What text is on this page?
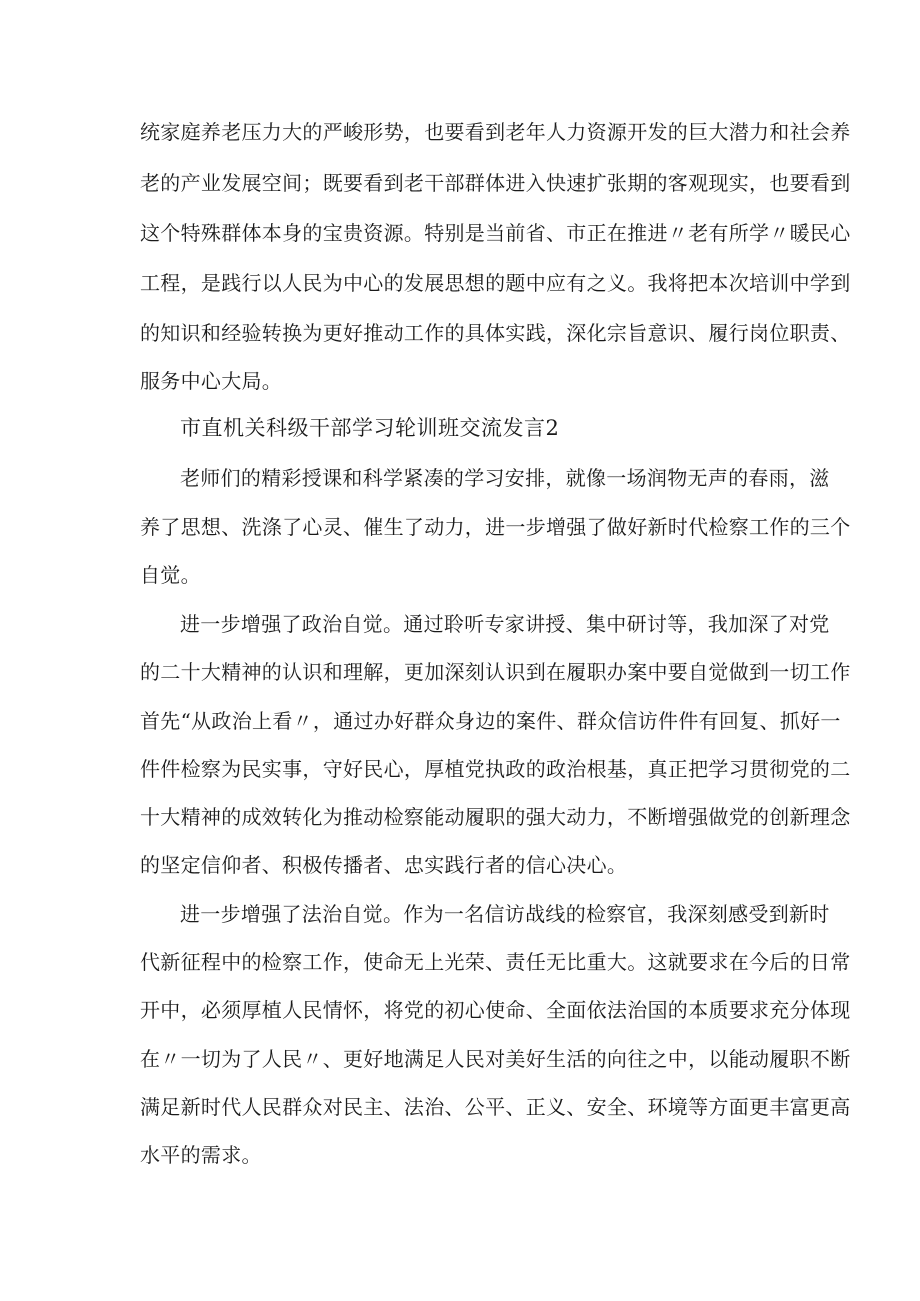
统家庭养老压力大的严峻形势，也要看到老年人力资源开发的巨大潜力和社会养
老的产业发展空间；既要看到老干部群体进入快速扩张期的客观现实，也要看到
这个特殊群体本身的宝贵资源。特别是当前省、市正在推进〃老有所学〃暖民心
工程，是践行以人民为中心的发展思想的题中应有之义。我将把本次培训中学到
的知识和经验转换为更好推动工作的具体实践，深化宗旨意识、履行岗位职责、
服务中心大局。
市直机关科级干部学习轮训班交流发言2
老师们的精彩授课和科学紧凑的学习安排，就像一场润物无声的春雨，滋
养了思想、洗涤了心灵、催生了动力，进一步增强了做好新时代检察工作的三个
自觉。
进一步增强了政治自觉。通过聆听专家讲授、集中研讨等，我加深了对党
的二十大精神的认识和理解，更加深刻认识到在履职办案中要自觉做到一切工作
首先“从政治上看〃，通过办好群众身边的案件、群众信访件件有回复、抓好一
件件检察为民实事，守好民心，厚植党执政的政治根基，真正把学习贯彻党的二
十大精神的成效转化为推动检察能动履职的强大动力，不断增强做党的创新理念
的坚定信仰者、积极传播者、忠实践行者的信心决心。
进一步增强了法治自觉。作为一名信访战线的检察官，我深刻感受到新时
代新征程中的检察工作，使命无上光荣、责任无比重大。这就要求在今后的日常
开中，必须厚植人民情怀，将党的初心使命、全面依法治国的本质要求充分体现
在〃一切为了人民〃、更好地满足人民对美好生活的向往之中，以能动履职不断
满足新时代人民群众对民主、法治、公平、正义、安全、环境等方面更丰富更高
水平的需求。
